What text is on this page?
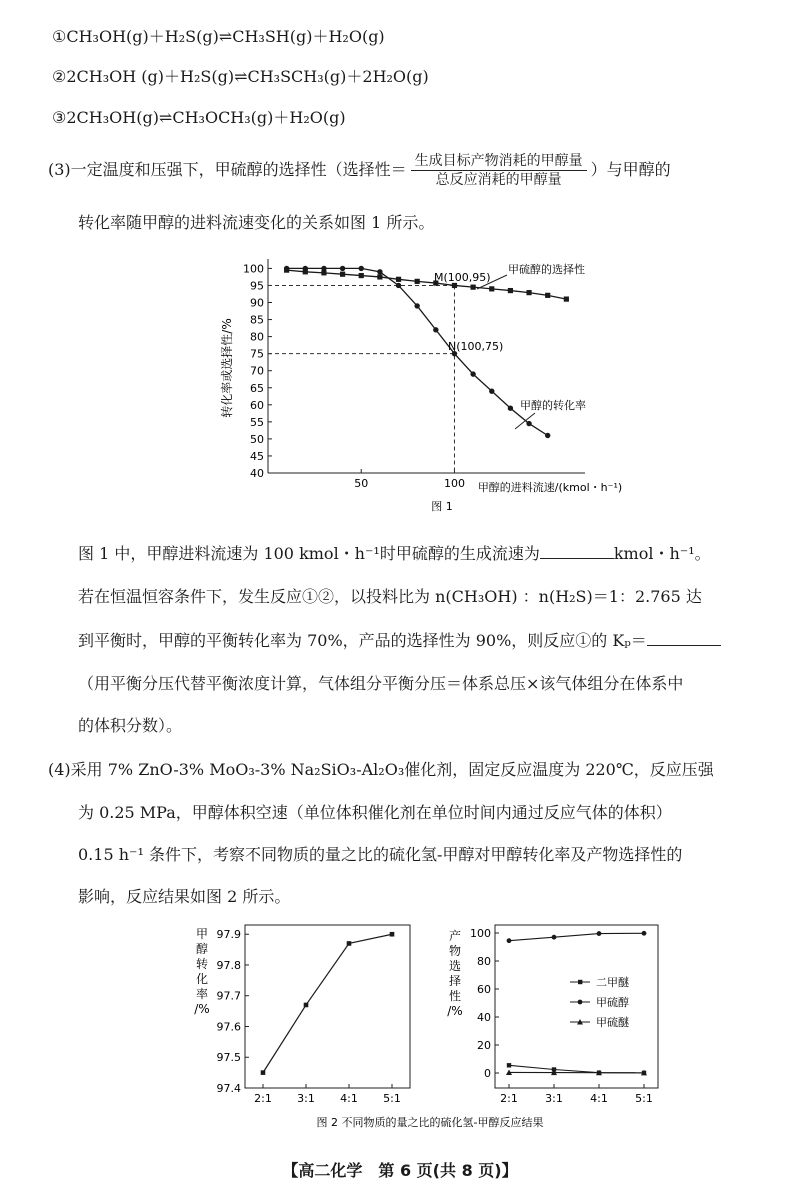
①CH₃OH(g)＋H₂S(g)⇌CH₃SH(g)＋H₂O(g)
②2CH₃OH (g)＋H₂S(g)⇌CH₃SCH₃(g)＋2H₂O(g)
③2CH₃OH(g)⇌CH₃OCH₃(g)＋H₂O(g)
(3)一定温度和压强下，甲硫醇的选择性（选择性＝ $\frac{\text{生成目标产物消耗的甲醇量}}{\text{总反应消耗的甲醇量}}$ ）与甲醇的
转化率随甲醇的进料流速变化的关系如图 1 所示。
100
95
90
85
80
75
70
65
60
55
50
45
40
50	100
转化率或选择性/%
甲醇的进料流速/(kmol・h⁻¹)
图 1
M(100,95)
N(100,75)
甲硫醇的选择性
甲醇的转化率
图 1 中，甲醇进料流速为 100 kmol・h⁻¹时甲硫醇的生成流速为	kmol・h⁻¹。
若在恒温恒容条件下，发生反应①②，以投料比为 n(CH₃OH) ：n(H₂S)＝1：2.765 达
到平衡时，甲醇的平衡转化率为 70%，产品的选择性为 90%，则反应①的 Kₚ＝
（用平衡分压代替平衡浓度计算，气体组分平衡分压＝体系总压×该气体组分在体系中
的体积分数）。
(4)采用 7% ZnO-3% MoO₃-3% Na₂SiO₃-Al₂O₃催化剂，固定反应温度为 220℃，反应压强
为 0.25 MPa，甲醇体积空速（单位体积催化剂在单位时间内通过反应气体的体积）
0.15 h⁻¹ 条件下，考察不同物质的量之比的硫化氢-甲醇对甲醇转化率及产物选择性的
影响，反应结果如图 2 所示。
97.9
97.8
97.7
97.6
97.5
97.4
2:1 3:1 4:1 5:1
甲
醇
转
化
率
/%
100
80
60
40
20
0
2:1 3:1 4:1 5:1
产
物
选
择
性
/%
二甲醚
甲硫醇
甲硫醚
图 2 不同物质的量之比的硫化氢-甲醇反应结果
【高二化学　第 6 页(共 8 页)】
